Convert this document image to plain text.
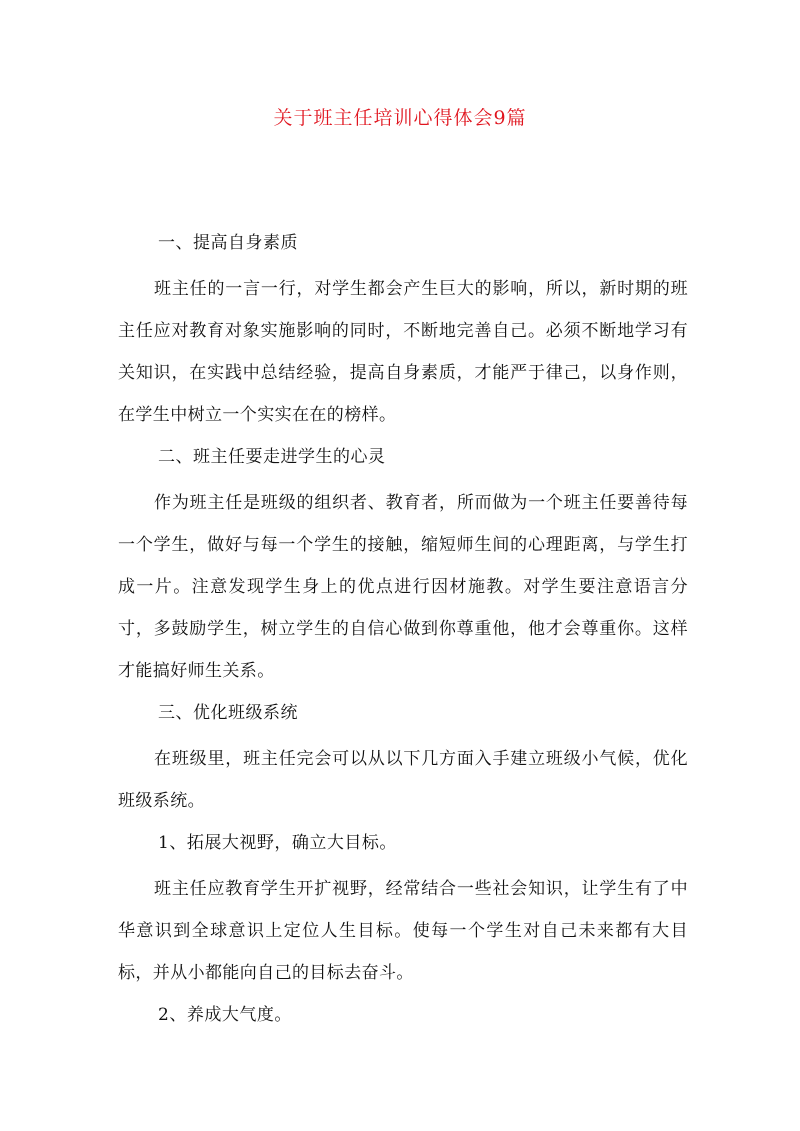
关于班主任培训心得体会9篇

一、提高自身素质

班主任的一言一行，对学生都会产生巨大的影响，所以，新时期的班主任应对教育对象实施影响的同时，不断地完善自己。必须不断地学习有关知识，在实践中总结经验，提高自身素质，才能严于律己，以身作则，在学生中树立一个实实在在的榜样。

二、班主任要走进学生的心灵

作为班主任是班级的组织者、教育者，所而做为一个班主任要善待每一个学生，做好与每一个学生的接触，缩短师生间的心理距离，与学生打成一片。注意发现学生身上的优点进行因材施教。对学生要注意语言分寸，多鼓励学生，树立学生的自信心做到你尊重他，他才会尊重你。这样才能搞好师生关系。

三、优化班级系统

在班级里，班主任完会可以从以下几方面入手建立班级小气候，优化班级系统。

1、拓展大视野，确立大目标。

班主任应教育学生开扩视野，经常结合一些社会知识，让学生有了中华意识到全球意识上定位人生目标。使每一个学生对自己未来都有大目标，并从小都能向自己的目标去奋斗。

2、养成大气度。
